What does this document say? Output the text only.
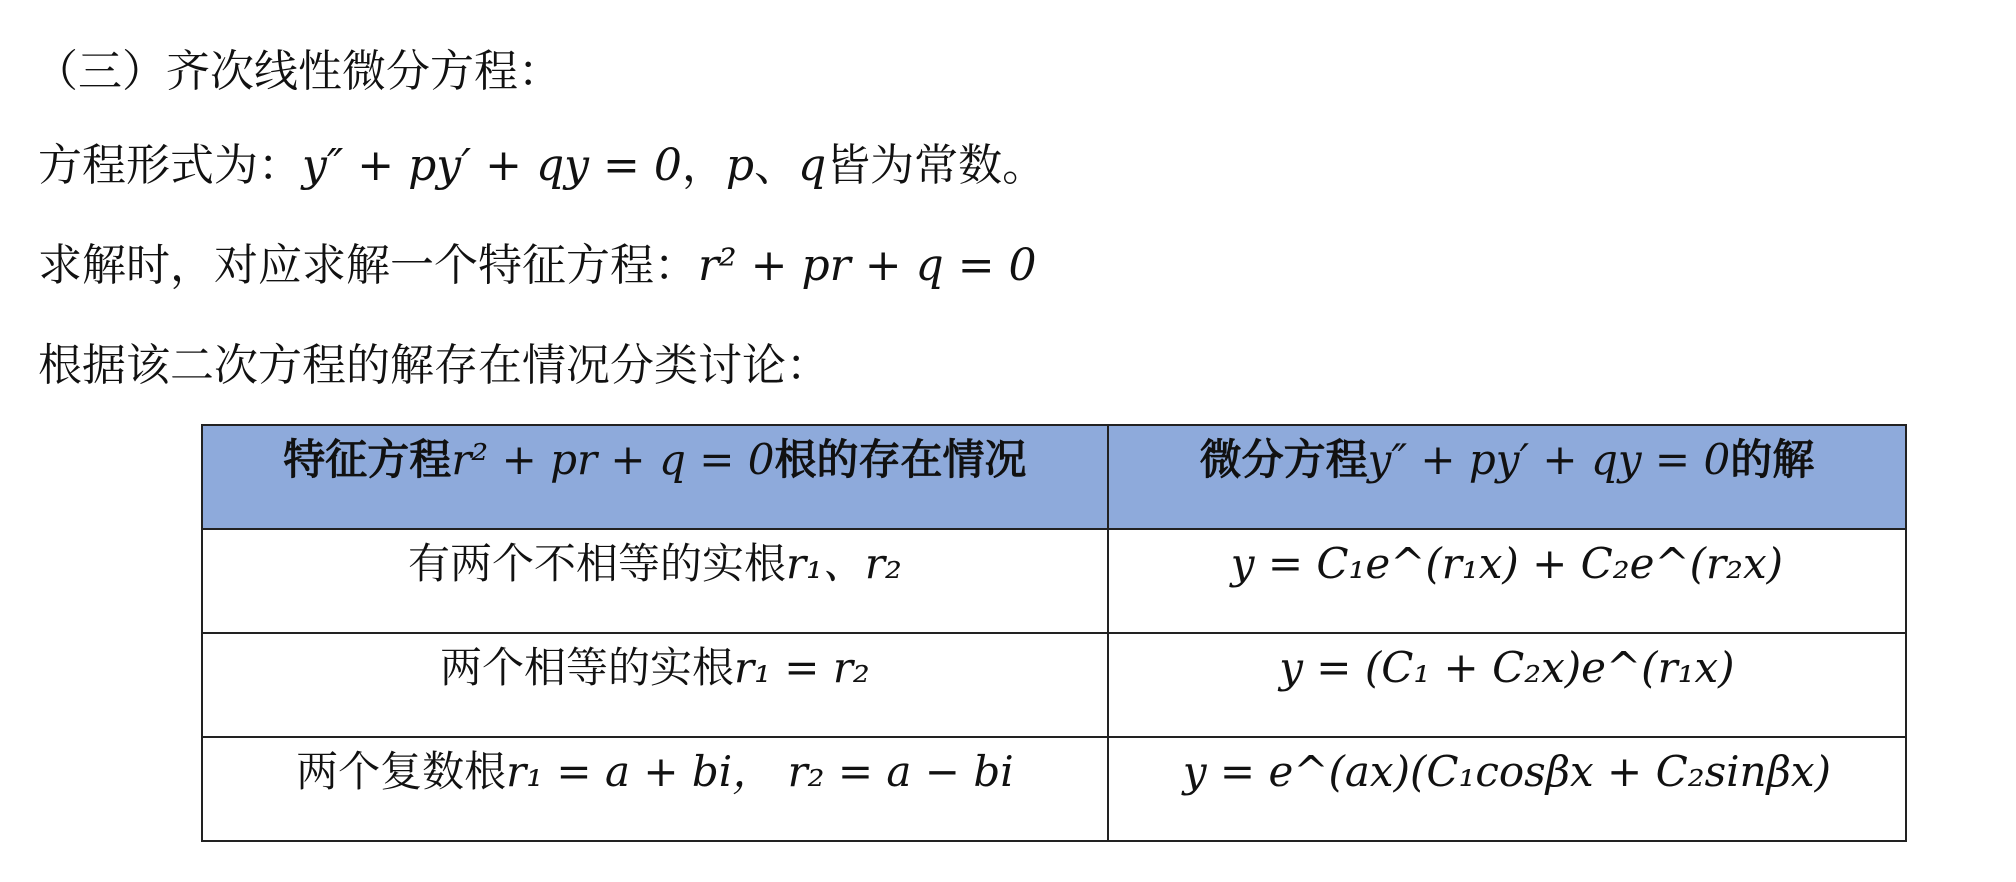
（三）齐次线性微分方程：
方程形式为：y″ + py′ + qy = 0，p、q皆为常数。
求解时，对应求解一个特征方程：r² + pr + q = 0
根据该二次方程的解存在情况分类讨论：
特征方程r² + pr + q = 0根的存在情况	微分方程y″ + py′ + qy = 0的解
有两个不相等的实根r₁、r₂	y = C₁e^(r₁x) + C₂e^(r₂x)
两个相等的实根r₁ = r₂	y = (C₁ + C₂x)e^(r₁x)
两个复数根r₁ = a + bi， r₂ = a − bi	y = e^(ax)(C₁cosβx + C₂sinβx)
